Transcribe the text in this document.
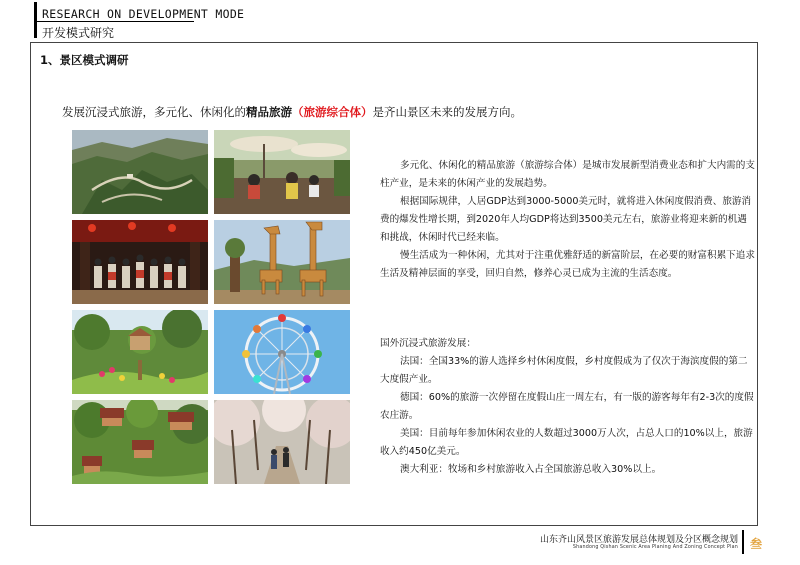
RESEARCH ON DEVELOPMENT MODE
开发模式研究
1、景区模式调研
发展沉浸式旅游，多元化、休闲化的精品旅游（旅游综合体）是齐山景区未来的发展方向。

多元化、休闲化的精品旅游（旅游综合体）是城市发展新型消费业态和扩大内需的支柱产业，是未来的休闲产业的发展趋势。

根据国际规律，人居GDP达到3000-5000美元时，就将进入休闲度假消费、旅游消费的爆发性增长期，到2020年人均GDP将达到3500美元左右，旅游业将迎来新的机遇和挑战，休闲时代已经来临。

慢生活成为一种休闲，尤其对于注重优雅舒适的新富阶层，在必要的财富积累下追求生活及精神层面的享受，回归自然，修养心灵已成为主流的生活态度。

国外沉浸式旅游发展：

法国：全国33%的游人选择乡村休闲度假，乡村度假成为了仅次于海滨度假的第二大度假产业。

德国：60%的旅游一次停留在度假山庄一周左右，有一版的游客每年有2-3次的度假农庄游。

美国：目前每年参加休闲农业的人数超过3000万人次，占总人口的10%以上，旅游收入约450亿美元。

澳大利亚：牧场和乡村旅游收入占全国旅游总收入30%以上。

山东齐山风景区旅游发展总体规划及分区概念规划
Shandong Qishan Scenic Area Planing And Zoning Concept Plan 叁
